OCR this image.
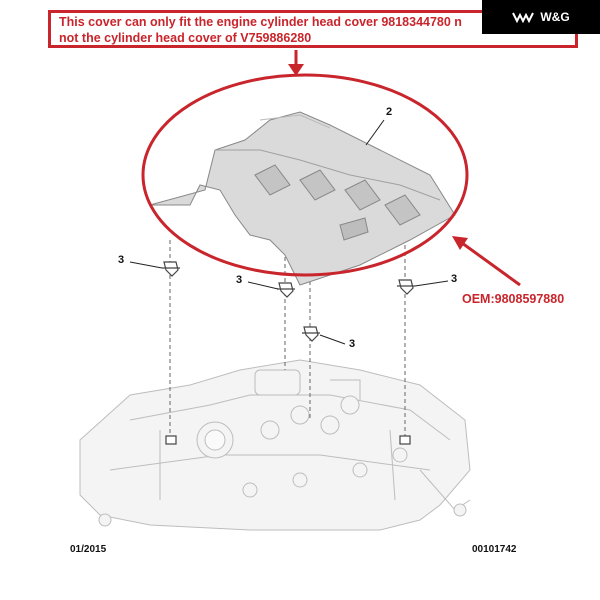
This cover can only fit the engine cylinder head cover 9818344780 n
not the cylinder head cover of V759886280
W&G
2
3
3
3
3
OEM:9808597880
01/2015	00101742
